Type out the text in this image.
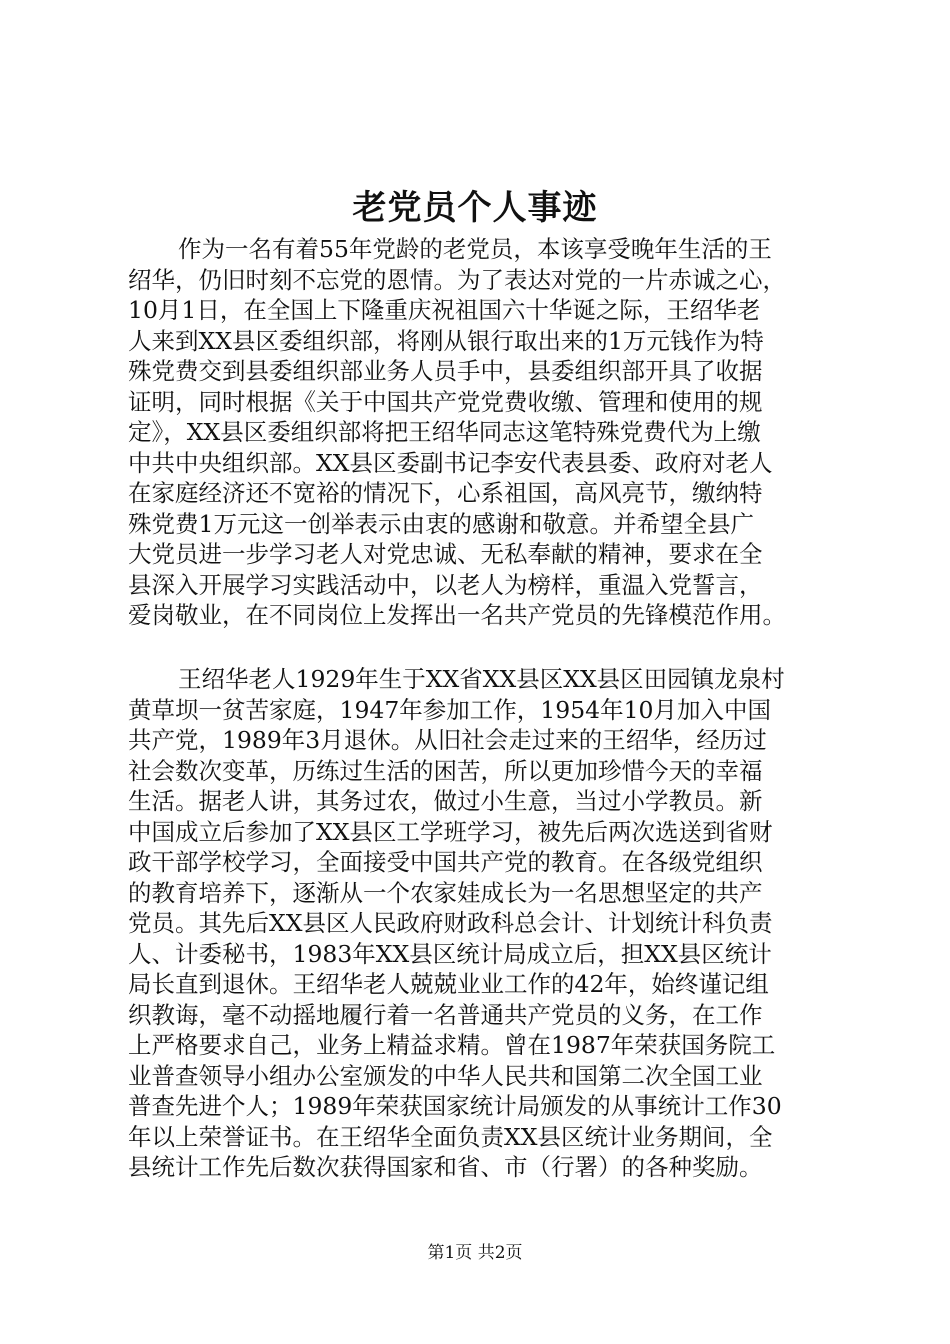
老党员个人事迹
作为一名有着55年党龄的老党员，本该享受晚年生活的王
绍华，仍旧时刻不忘党的恩情。为了表达对党的一片赤诚之心，
10月1日，在全国上下隆重庆祝祖国六十华诞之际，王绍华老
人来到XX县区委组织部，将刚从银行取出来的1万元钱作为特
殊党费交到县委组织部业务人员手中，县委组织部开具了收据
证明，同时根据《关于中国共产党党费收缴、管理和使用的规
定》，XX县区委组织部将把王绍华同志这笔特殊党费代为上缴
中共中央组织部。XX县区委副书记李安代表县委、政府对老人
在家庭经济还不宽裕的情况下，心系祖国，高风亮节，缴纳特
殊党费1万元这一创举表示由衷的感谢和敬意。并希望全县广
大党员进一步学习老人对党忠诚、无私奉献的精神，要求在全
县深入开展学习实践活动中，以老人为榜样，重温入党誓言，
爱岗敬业，在不同岗位上发挥出一名共产党员的先锋模范作用。
王绍华老人1929年生于XX省XX县区XX县区田园镇龙泉村
黄草坝一贫苦家庭，1947年参加工作，1954年10月加入中国
共产党，1989年3月退休。从旧社会走过来的王绍华，经历过
社会数次变革，历练过生活的困苦，所以更加珍惜今天的幸福
生活。据老人讲，其务过农，做过小生意，当过小学教员。新
中国成立后参加了XX县区工学班学习，被先后两次选送到省财
政干部学校学习，全面接受中国共产党的教育。在各级党组织
的教育培养下，逐渐从一个农家娃成长为一名思想坚定的共产
党员。其先后XX县区人民政府财政科总会计、计划统计科负责
人、计委秘书，1983年XX县区统计局成立后，担XX县区统计
局长直到退休。王绍华老人兢兢业业工作的42年，始终谨记组
织教诲，毫不动摇地履行着一名普通共产党员的义务，在工作
上严格要求自己，业务上精益求精。曾在1987年荣获国务院工
业普查领导小组办公室颁发的中华人民共和国第二次全国工业
普查先进个人；1989年荣获国家统计局颁发的从事统计工作30
年以上荣誉证书。在王绍华全面负责XX县区统计业务期间，全
县统计工作先后数次获得国家和省、市（行署）的各种奖励。
第1页 共2页
